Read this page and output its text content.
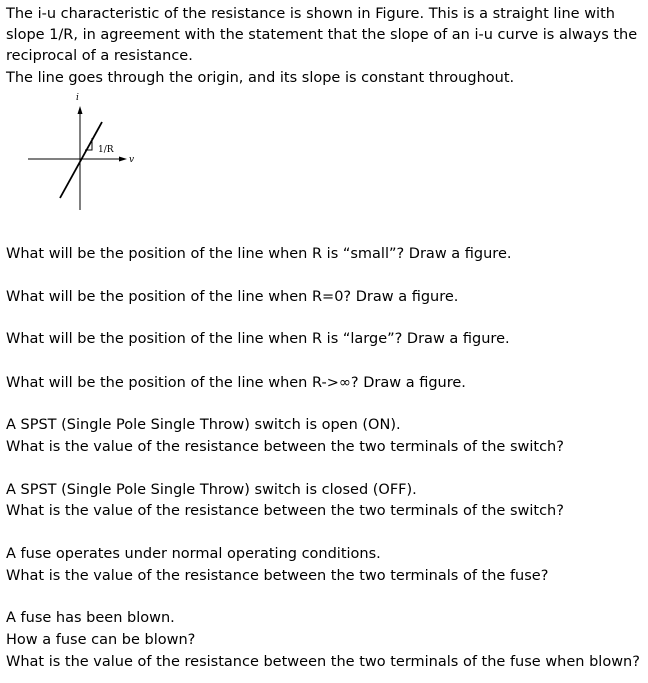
The i-u characteristic of the resistance is shown in Figure. This is a straight line with
slope 1/R, in agreement with the statement that the slope of an i-u curve is always the
reciprocal of a resistance.
The line goes through the origin, and its slope is constant throughout.
i
v
1/R
What will be the position of the line when R is “small”? Draw a figure.
What will be the position of the line when R=0? Draw a figure.
What will be the position of the line when R is “large”? Draw a figure.
What will be the position of the line when R->∞? Draw a figure.
A SPST (Single Pole Single Throw) switch is open (ON).
What is the value of the resistance between the two terminals of the switch?
A SPST (Single Pole Single Throw) switch is closed (OFF).
What is the value of the resistance between the two terminals of the switch?
A fuse operates under normal operating conditions.
What is the value of the resistance between the two terminals of the fuse?
A fuse has been blown.
How a fuse can be blown?
What is the value of the resistance between the two terminals of the fuse when blown?
